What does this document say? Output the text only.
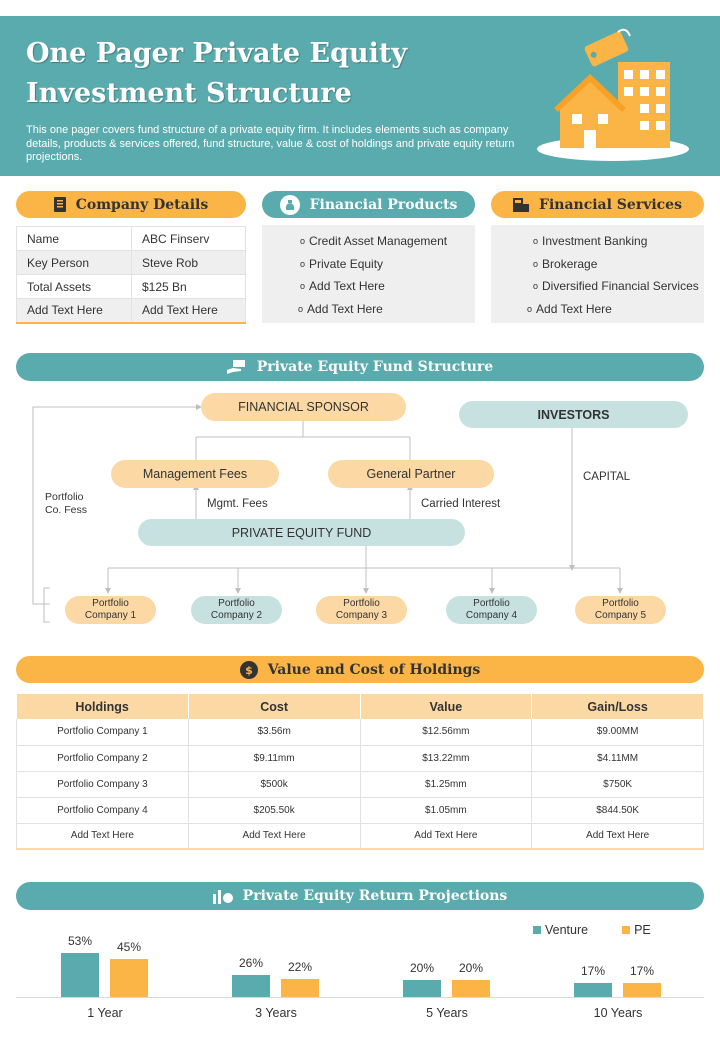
One Pager Private Equity Investment Structure
This one pager covers fund structure of a private equity firm. It includes elements such as company details, products & services offered, fund structure, value & cost of holdings and private equity return projections.
Company Details	Financial Products	Financial Services
Name	ABC Finserv
Key Person	Steve Rob
Total Assets	$125 Bn
Add Text Here	Add Text Here
o Credit Asset Management
o Private Equity
o Add Text Here
o Add Text Here
o Investment Banking
o Brokerage
o Diversified Financial Services
o Add Text Here
Private Equity Fund Structure
FINANCIAL SPONSOR
INVESTORS
Management Fees	General Partner
PRIVATE EQUITY FUND
Mgmt. Fees	Carried Interest
CAPITAL
Portfolio
Co. Fess
Portfolio
Company 1
Portfolio
Company 2
Portfolio
Company 3
Portfolio
Company 4
Portfolio
Company 5
$ Value and Cost of Holdings
Holdings	Cost	Value	Gain/Loss
Portfolio Company 1	$3.56m	$12.56mm	$9.00MM
Portfolio Company 2	$9.11mm	$13.22mm	$4.11MM
Portfolio Company 3	$500k	$1.25mm	$750K
Portfolio Company 4	$205.50k	$1.05mm	$844.50K
Add Text Here	Add Text Here	Add Text Here	Add Text Here
Private Equity Return Projections
Venture	PE
53%	45%
1 Year
26%	22%
3 Years
20%	20%
5 Years
17%	17%
10 Years
